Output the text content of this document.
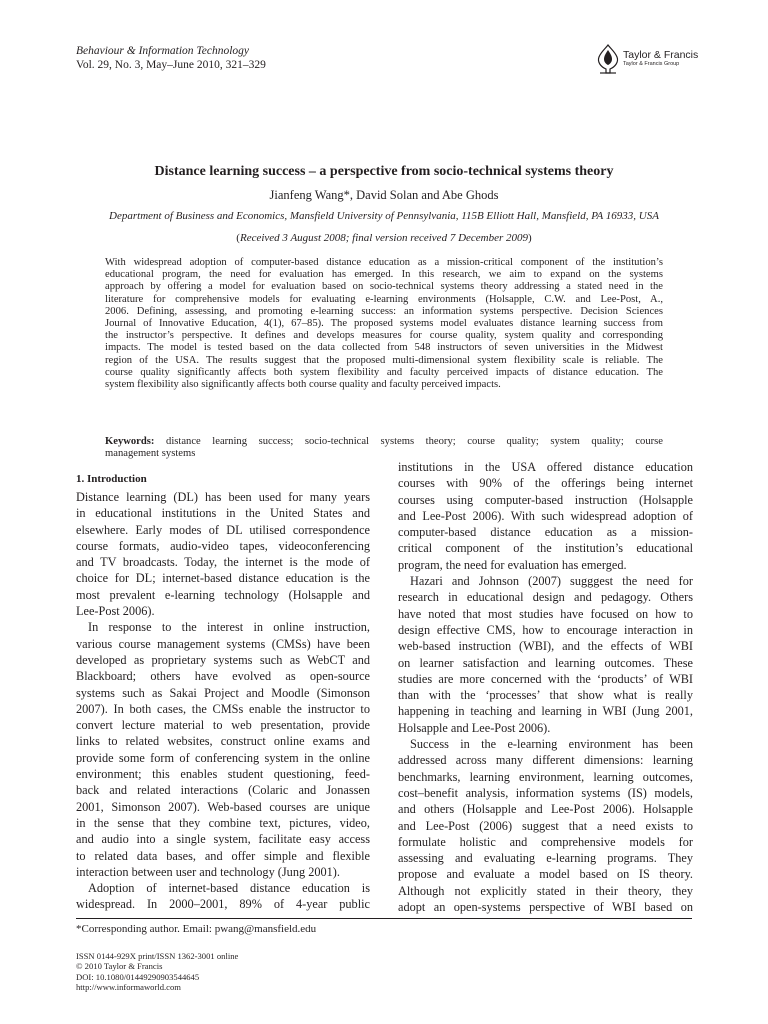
Behaviour & Information Technology
Vol. 29, No. 3, May–June 2010, 321–329
Taylor & Francis
Taylor & Francis Group
Distance learning success – a perspective from socio-technical systems theory
Jianfeng Wang*, David Solan and Abe Ghods
Department of Business and Economics, Mansfield University of Pennsylvania, 115B Elliott Hall, Mansfield, PA 16933, USA
(Received 3 August 2008; final version received 7 December 2009)
With widespread adoption of computer-based distance education as a mission-critical component of the institution’s
educational program, the need for evaluation has emerged. In this research, we aim to expand on the systems
approach by offering a model for evaluation based on socio-technical systems theory addressing a stated need in the
literature for comprehensive models for evaluating e-learning environments (Holsapple, C.W. and Lee-Post, A.,
2006. Defining, assessing, and promoting e-learning success: an information systems perspective. Decision Sciences
Journal of Innovative Education, 4(1), 67–85). The proposed systems model evaluates distance learning success from
the instructor’s perspective. It defines and develops measures for course quality, system quality and corresponding
impacts. The model is tested based on the data collected from 548 instructors of seven universities in the Midwest
region of the USA. The results suggest that the proposed multi-dimensional system flexibility scale is reliable. The
course quality significantly affects both system flexibility and faculty perceived impacts of distance education. The
system flexibility also significantly affects both course quality and faculty perceived impacts.
Keywords: distance learning success; socio-technical systems theory; course quality; system quality; course
management systems
1. Introduction
Distance learning (DL) has been used for many years
in educational institutions in the United States and
elsewhere. Early modes of DL utilised correspondence
course formats, audio-video tapes, videoconferencing
and TV broadcasts. Today, the internet is the mode of
choice for DL; internet-based distance education is the
most prevalent e-learning technology (Holsapple and
Lee-Post 2006).
In response to the interest in online instruction,
various course management systems (CMSs) have been
developed as proprietary systems such as WebCT and
Blackboard; others have evolved as open-source
systems such as Sakai Project and Moodle (Simonson
2007). In both cases, the CMSs enable the instructor to
convert lecture material to web presentation, provide
links to related websites, construct online exams and
provide some form of conferencing system in the online
environment; this enables student questioning, feed-
back and related interactions (Colaric and Jonassen
2001, Simonson 2007). Web-based courses are unique
in the sense that they combine text, pictures, video,
and audio into a single system, facilitate easy access
to related data bases, and offer simple and flexible
interaction between user and technology (Jung 2001).
Adoption of internet-based distance education is
widespread. In 2000–2001, 89% of 4-year public
institutions in the USA offered distance education
courses with 90% of the offerings being internet
courses using computer-based instruction (Holsapple
and Lee-Post 2006). With such widespread adoption of
computer-based distance education as a mission-
critical component of the institution’s educational
program, the need for evaluation has emerged.
Hazari and Johnson (2007) sugggest the need for
research in educational design and pedagogy. Others
have noted that most studies have focused on how to
design effective CMS, how to encourage interaction in
web-based instruction (WBI), and the effects of WBI
on learner satisfaction and learning outcomes. These
studies are more concerned with the ‘products’ of WBI
than with the ‘processes’ that show what is really
happening in teaching and learning in WBI (Jung 2001,
Holsapple and Lee-Post 2006).
Success in the e-learning environment has been
addressed across many different dimensions: learning
benchmarks, learning environment, learning outcomes,
cost–benefit analysis, information systems (IS) models,
and others (Holsapple and Lee-Post 2006). Holsapple
and Lee-Post (2006) suggest that a need exists to
formulate holistic and comprehensive models for
assessing and evaluating e-learning programs. They
propose and evaluate a model based on IS theory.
Although not explicitly stated in their theory, they
adopt an open-systems perspective of WBI based on
*Corresponding author. Email: pwang@mansfield.edu
ISSN 0144-929X print/ISSN 1362-3001 online
© 2010 Taylor & Francis
DOI: 10.1080/01449290903544645
http://www.informaworld.com
